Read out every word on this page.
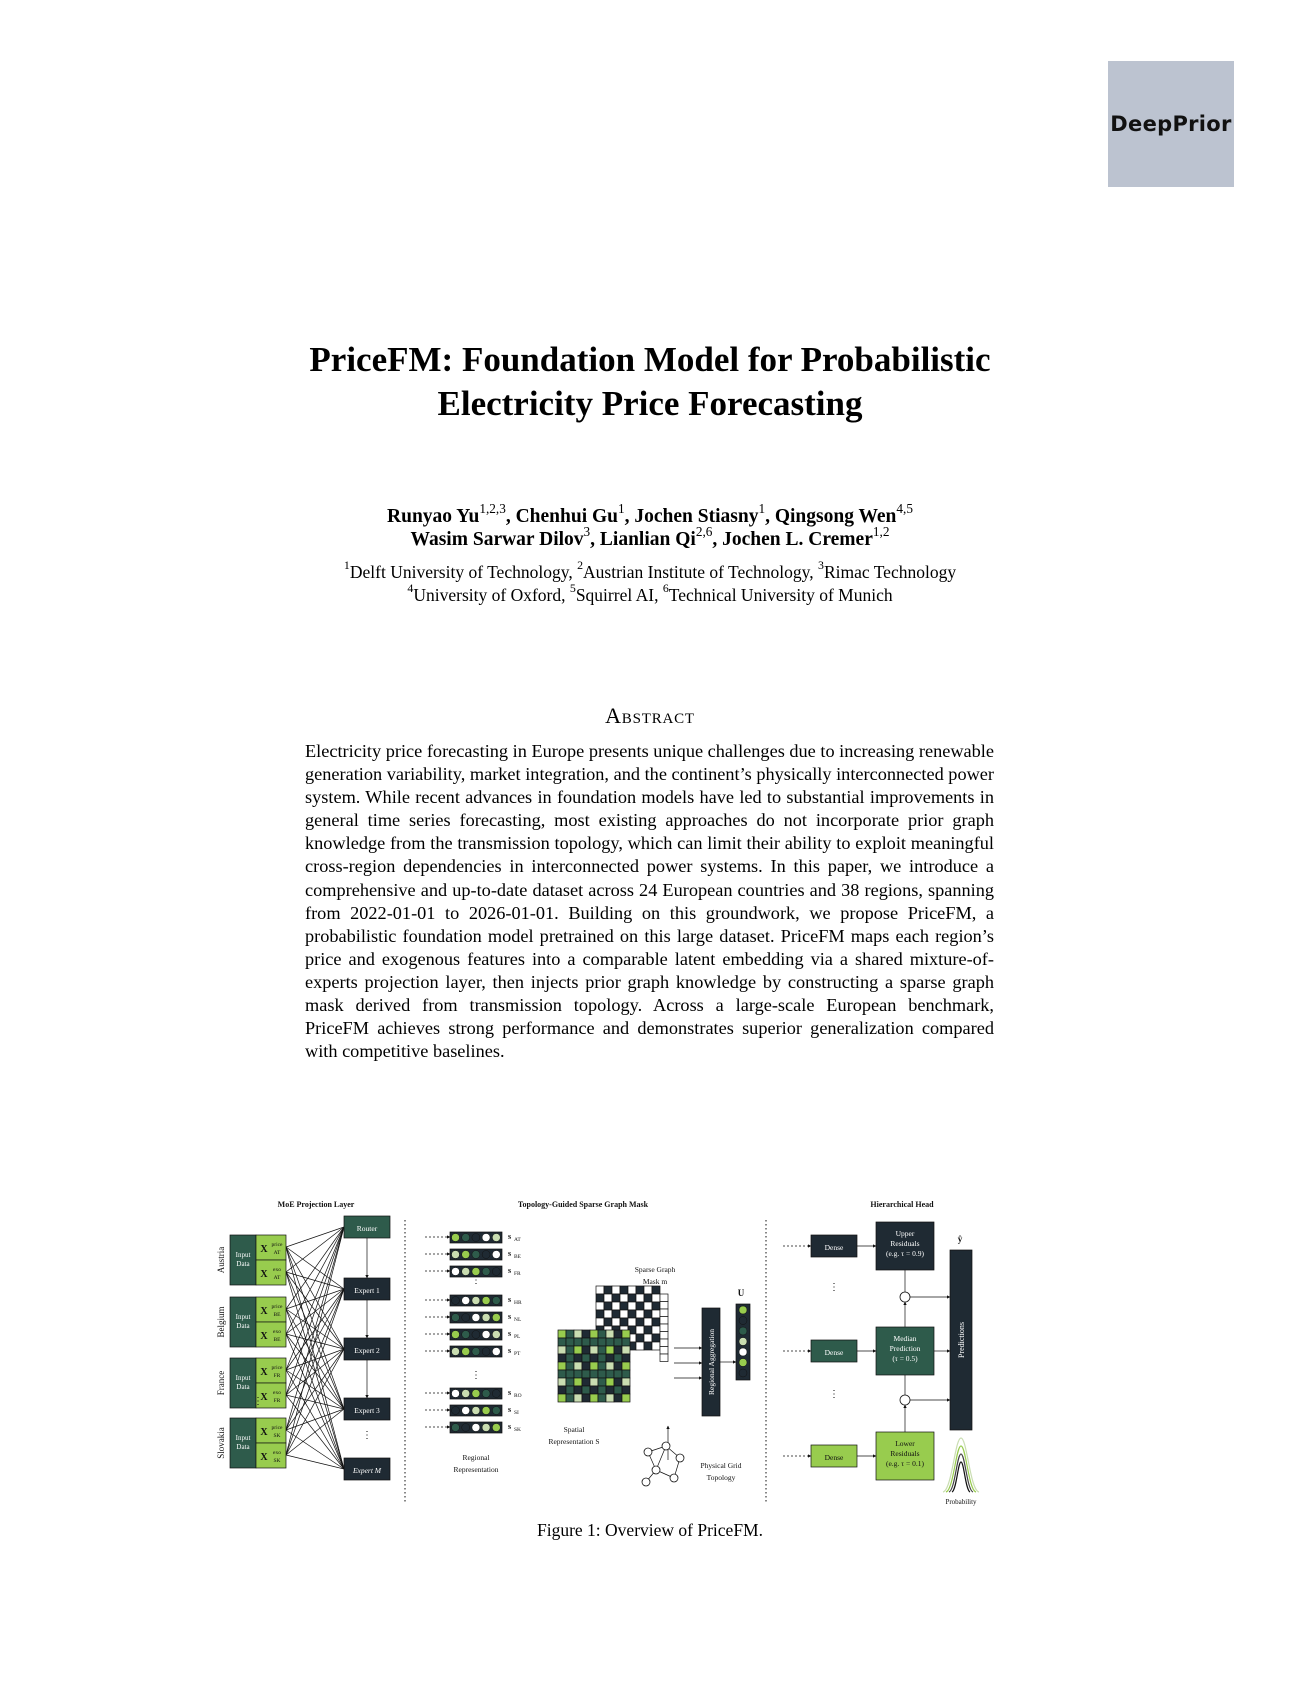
DeepPrior
PriceFM: Foundation Model for Probabilistic
Electricity Price Forecasting
Runyao Yu$^{1,2,3}$, Chenhui Gu$^1$, Jochen Stiasny$^1$, Qingsong Wen$^{4,5}$
Wasim Sarwar Dilov$^3$, Lianlian Qi$^{2,6}$, Jochen L. Cremer$^{1,2}$
$^1$Delft University of Technology, $^2$Austrian Institute of Technology, $^3$Rimac Technology
$^4$University of Oxford, $^5$Squirrel AI, $^6$Technical University of Munich
Abstract
Electricity price forecasting in Europe presents unique challenges due to increasing renewable generation variability, market integration, and the continent’s physically interconnected power system. While recent advances in foundation models have led to substantial improvements in general time series forecasting, most existing approaches do not incorporate prior graph knowledge from the transmission topology, which can limit their ability to exploit meaningful cross-region dependencies in interconnected power systems. In this paper, we introduce a comprehensive and up-to-date dataset across 24 European countries and 38 regions, spanning from 2022-01-01 to 2026-01-01. Building on this groundwork, we propose PriceFM, a probabilistic foundation model pretrained on this large dataset. PriceFM maps each region’s price and exogenous features into a comparable latent embedding via a shared mixture-of-experts projection layer, then injects prior graph knowledge by constructing a sparse graph mask derived from transmission topology. Across a large-scale European benchmark, PriceFM achieves strong performance and demonstrates superior generalization compared with competitive baselines.
MoE Projection Layer	Topology-Guided Sparse Graph Mask	Hierarchical Head
Austria Input
Data
X price
AT
X exo
AT
Belgium Input
Data
X price
BE
X exo
BE
France Input
Data
X price
FR
X exo
FR
Slovakia Input
Data
X price
SK
X exo
SK
⋮
Router
Expert 1
Expert 2
Expert 3
Expert M
⋮
s AT
s BE
s FR
s HR
s NL
s PL
s PT
s RO
s SI
s SK
⋮
⋮
Regional
Representation
Spatial
Representation S
Sparse Graph
Mask m
Physical Grid
Topology
Regional Aggregation
U
Dense
Upper
Residuals
(e.g. τ = 0.9)
Dense
Median
Prediction
(τ = 0.5)
Dense
Lower
Residuals
(e.g. τ = 0.1)
⋮
⋮
Predictions
ŷ
Probability
Figure 1: Overview of PriceFM.
